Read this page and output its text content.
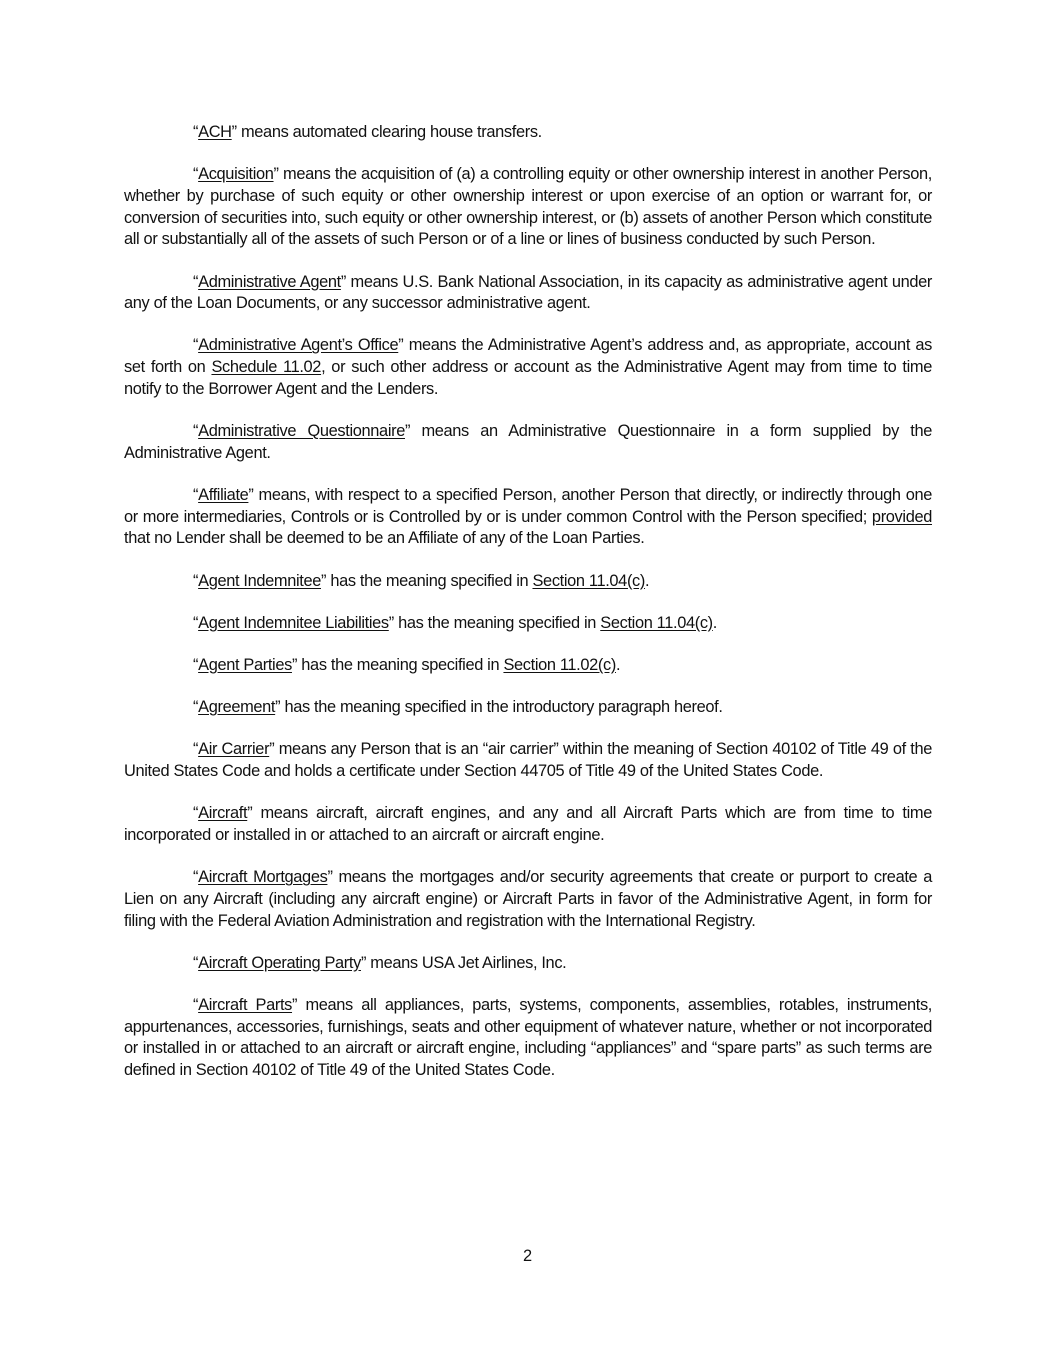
“ACH” means automated clearing house transfers.

“Acquisition” means the acquisition of (a) a controlling equity or other ownership interest in another Person, whether by purchase of such equity or other ownership interest or upon exercise of an option or warrant for, or conversion of securities into, such equity or other ownership interest, or (b) assets of another Person which constitute all or substantially all of the assets of such Person or of a line or lines of business conducted by such Person.

“Administrative Agent” means U.S. Bank National Association, in its capacity as administrative agent under any of the Loan Documents, or any successor administrative agent.

“Administrative Agent’s Office” means the Administrative Agent’s address and, as appropriate, account as set forth on Schedule 11.02, or such other address or account as the Administrative Agent may from time to time notify to the Borrower Agent and the Lenders.

“Administrative Questionnaire” means an Administrative Questionnaire in a form supplied by the Administrative Agent.

“Affiliate” means, with respect to a specified Person, another Person that directly, or indirectly through one or more intermediaries, Controls or is Controlled by or is under common Control with the Person specified; provided that no Lender shall be deemed to be an Affiliate of any of the Loan Parties.

“Agent Indemnitee” has the meaning specified in Section 11.04(c).

“Agent Indemnitee Liabilities” has the meaning specified in Section 11.04(c).

“Agent Parties” has the meaning specified in Section 11.02(c).

“Agreement” has the meaning specified in the introductory paragraph hereof.

“Air Carrier” means any Person that is an “air carrier” within the meaning of Section 40102 of Title 49 of the United States Code and holds a certificate under Section 44705 of Title 49 of the United States Code.

“Aircraft” means aircraft, aircraft engines, and any and all Aircraft Parts which are from time to time incorporated or installed in or attached to an aircraft or aircraft engine.

“Aircraft Mortgages” means the mortgages and/or security agreements that create or purport to create a Lien on any Aircraft (including any aircraft engine) or Aircraft Parts in favor of the Administrative Agent, in form for filing with the Federal Aviation Administration and registration with the International Registry.

“Aircraft Operating Party” means USA Jet Airlines, Inc.

“Aircraft Parts” means all appliances, parts, systems, components, assemblies, rotables, instruments, appurtenances, accessories, furnishings, seats and other equipment of whatever nature, whether or not incorporated or installed in or attached to an aircraft or aircraft engine, including “appliances” and “spare parts” as such terms are defined in Section 40102 of Title 49 of the United States Code.

2
